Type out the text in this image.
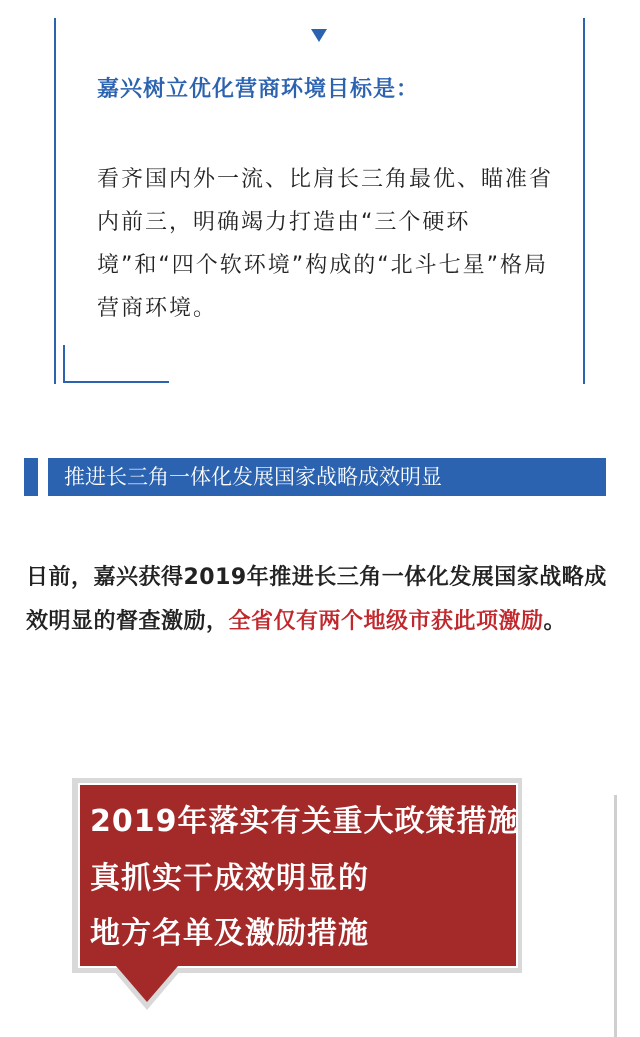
嘉兴树立优化营商环境目标是：
看齐国内外一流、比肩长三角最优、瞄准省内前三，明确竭力打造由“三个硬环境”和“四个软环境”构成的“北斗七星”格局营商环境。
推进长三角一体化发展国家战略成效明显
日前，嘉兴获得2019年推进长三角一体化发展国家战略成效明显的督查激励，全省仅有两个地级市获此项激励。
2019年落实有关重大政策措施
真抓实干成效明显的
地方名单及激励措施
